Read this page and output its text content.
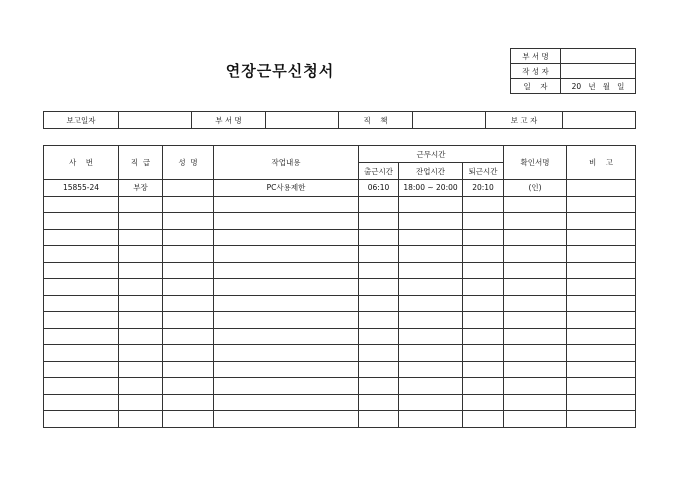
연장근무신청서
부 서 명	
작 성 자	
일    자	20   년   월   일
보고일자		부 서 명		직    책		보 고 자	
사    번	직  급	성  명	작업내용	근무시간			확인서명	비    고
				출근시간	잔업시간	퇴근시간		
15855-24	부장		PC사용제한	06:10	18:00 ~ 20:00	20:10	(인)	
